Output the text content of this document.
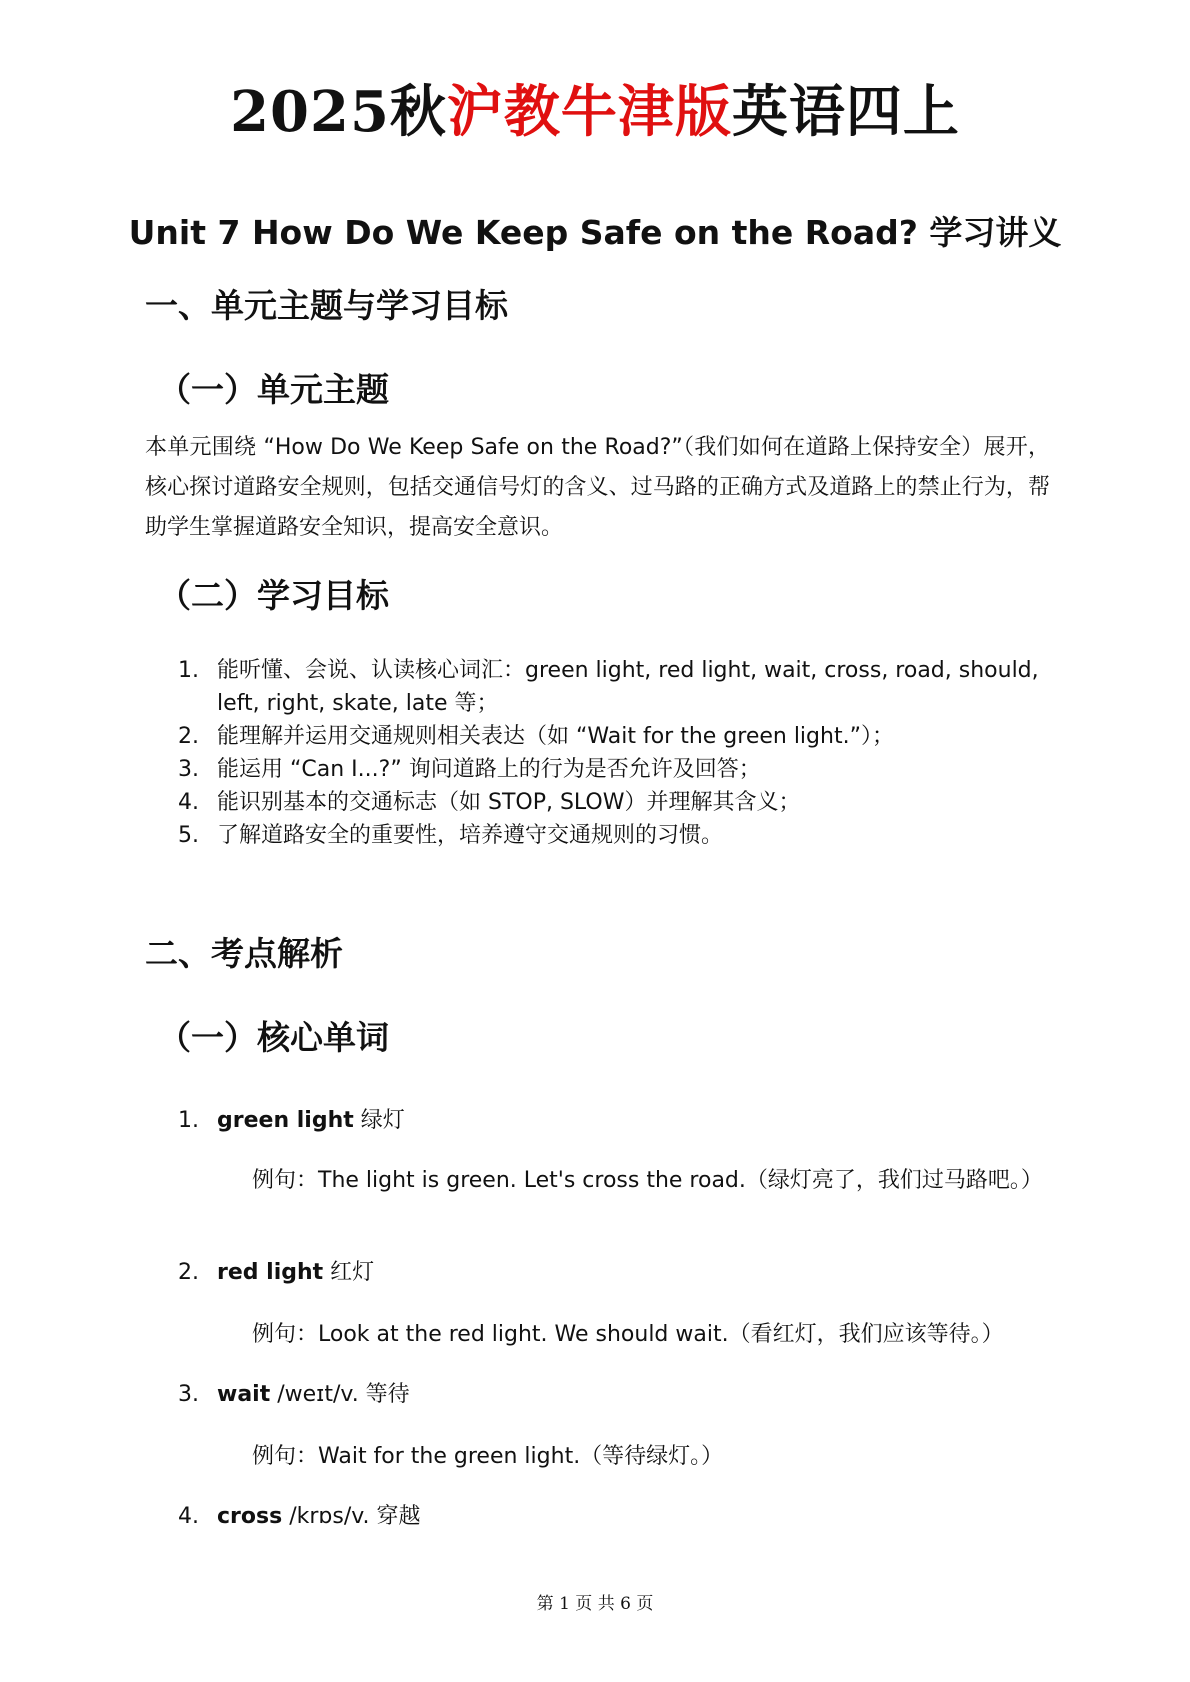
2025秋沪教牛津版英语四上
Unit 7 How Do We Keep Safe on the Road? 学习讲义
一、单元主题与学习目标
（一）单元主题
本单元围绕 “How Do We Keep Safe on the Road?”（我们如何在道路上保持安全）展开，核心探讨道路安全规则，包括交通信号灯的含义、过马路的正确方式及道路上的禁止行为，帮助学生掌握道路安全知识，提高安全意识。
（二）学习目标
1. 能听懂、会说、认读核心词汇：green light, red light, wait, cross, road, should, left, right, skate, late 等；
2. 能理解并运用交通规则相关表达（如 “Wait for the green light.”）；
3. 能运用 “Can I...?” 询问道路上的行为是否允许及回答；
4. 能识别基本的交通标志（如 STOP, SLOW）并理解其含义；
5. 了解道路安全的重要性，培养遵守交通规则的习惯。
二、考点解析
（一）核心单词
1. green light 绿灯
例句：The light is green. Let's cross the road.（绿灯亮了，我们过马路吧。）
2. red light 红灯
例句：Look at the red light. We should wait.（看红灯，我们应该等待。）
3. wait /weɪt/v. 等待
例句：Wait for the green light.（等待绿灯。）
4. cross /krɒs/v. 穿越
第 1 页 共 6 页
